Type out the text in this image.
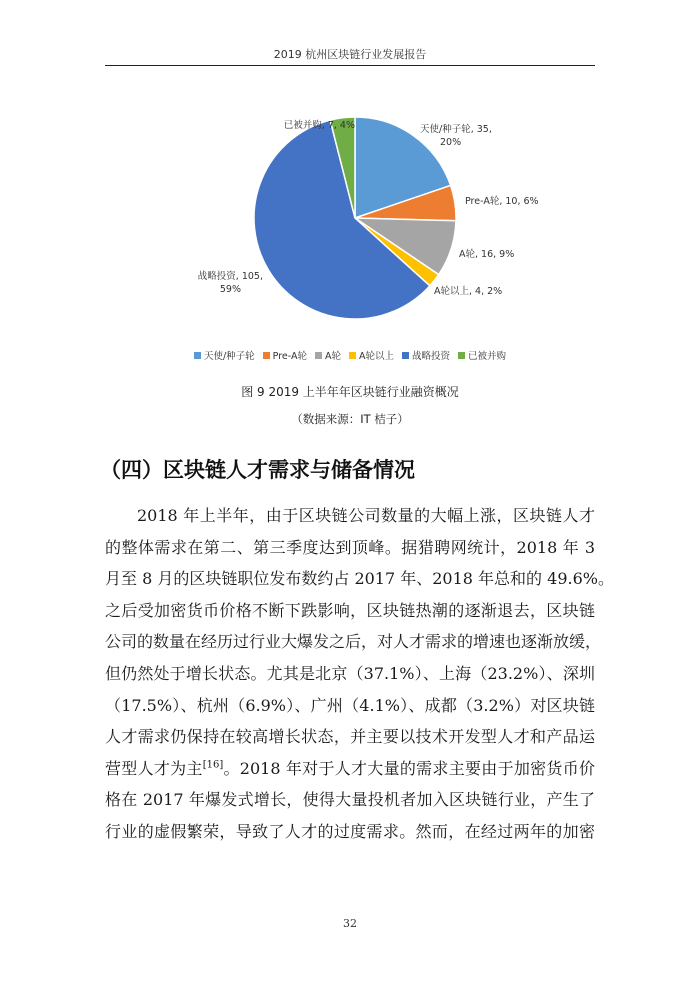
2019 杭州区块链行业发展报告
天使/种子轮, 35, 20%
Pre-A轮, 10, 6%
A轮, 16, 9%
A轮以上, 4, 2%
战略投资, 105, 59%
已被并购, 7, 4%
天使/种子轮 Pre-A轮 A轮 A轮以上 战略投资 已被并购
图 9 2019 上半年年区块链行业融资概况
（数据来源：IT 桔子）
（四）区块链人才需求与储备情况
2018 年上半年，由于区块链公司数量的大幅上涨，区块链人才
的整体需求在第二、第三季度达到顶峰。据猎聘网统计，2018 年 3
月至 8 月的区块链职位发布数约占 2017 年、2018 年总和的 49.6%。
之后受加密货币价格不断下跌影响，区块链热潮的逐渐退去，区块链
公司的数量在经历过行业大爆发之后，对人才需求的增速也逐渐放缓，
但仍然处于增长状态。尤其是北京（37.1%）、上海（23.2%）、深圳
（17.5%）、杭州（6.9%）、广州（4.1%）、成都（3.2%）对区块链
人才需求仍保持在较高增长状态，并主要以技术开发型人才和产品运
营型人才为主[16]。2018 年对于人才大量的需求主要由于加密货币价
格在 2017 年爆发式增长，使得大量投机者加入区块链行业，产生了
行业的虚假繁荣，导致了人才的过度需求。然而，在经过两年的加密
32
